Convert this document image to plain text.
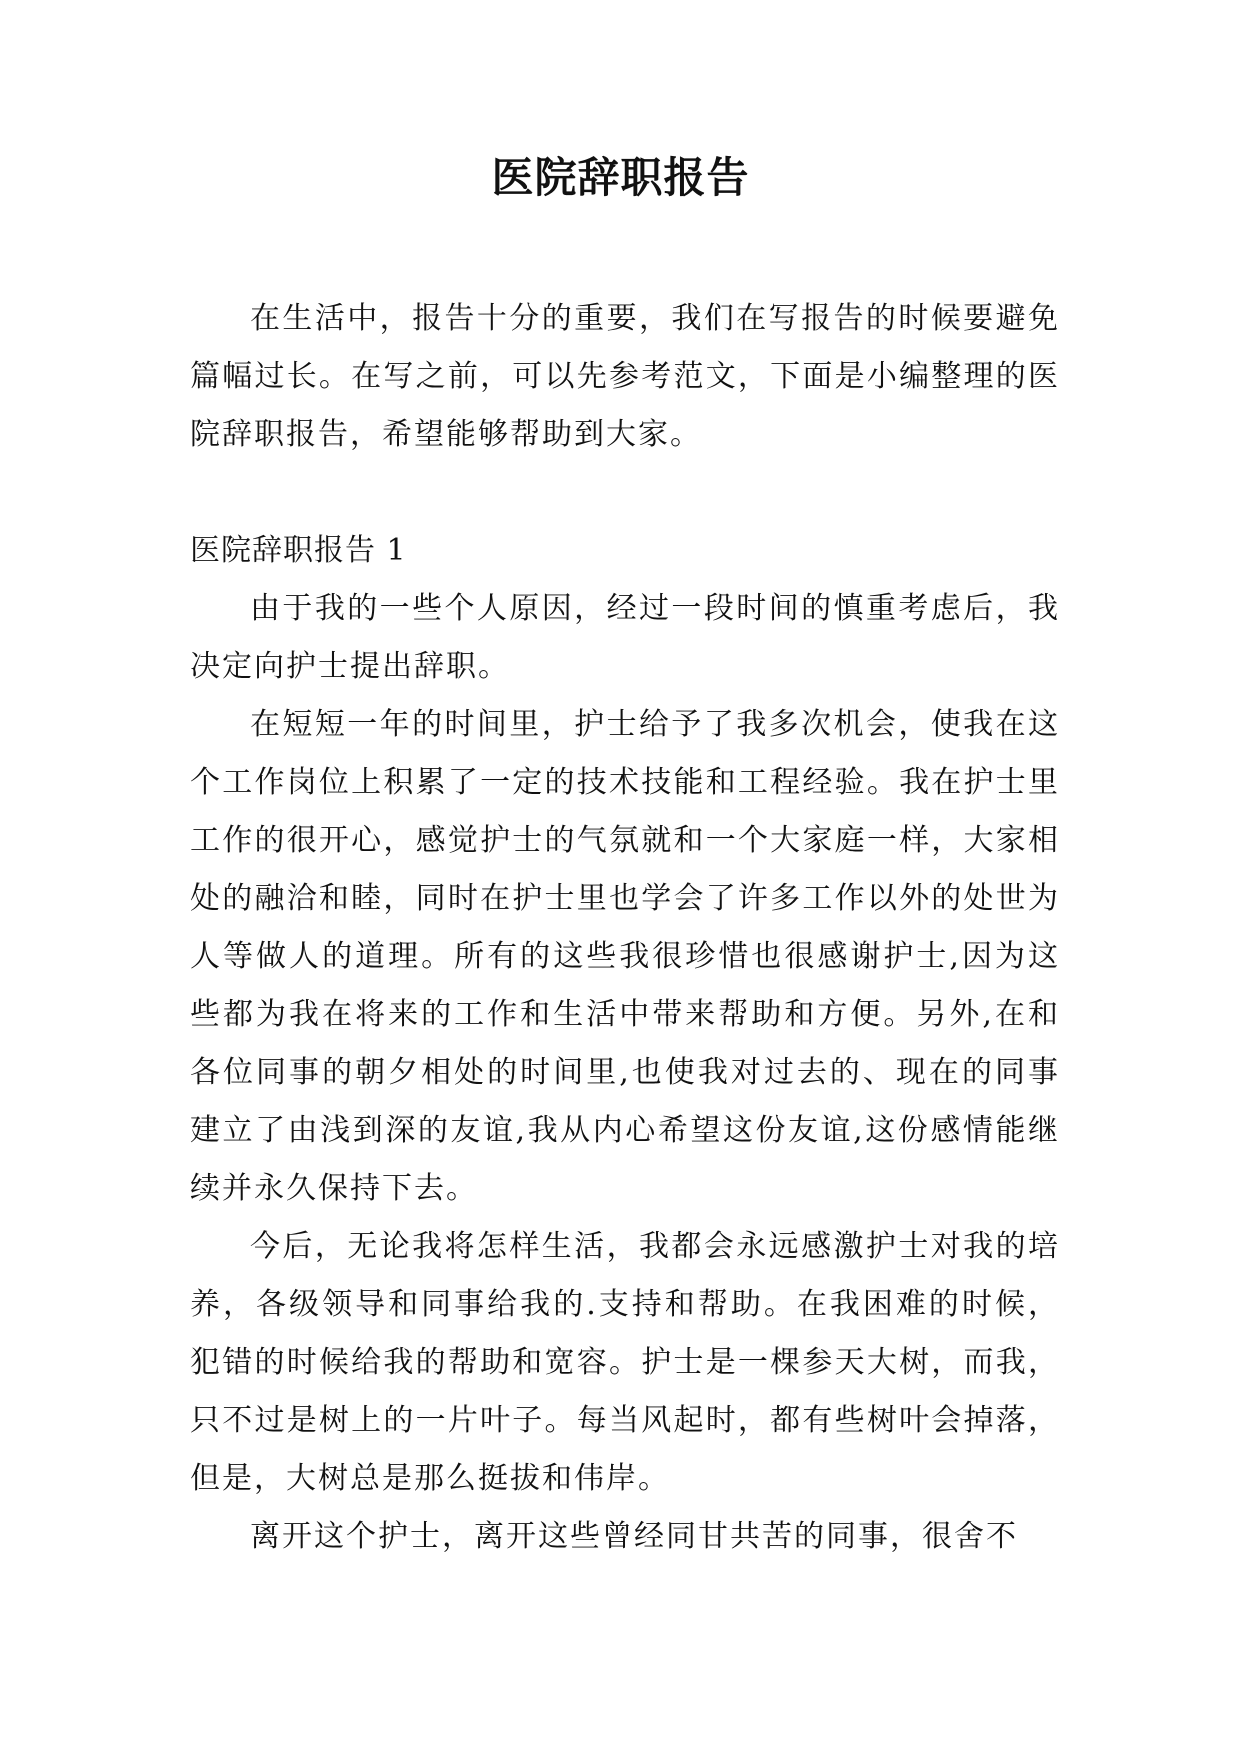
医院辞职报告

在生活中，报告十分的重要，我们在写报告的时候要避免篇幅过长。在写之前，可以先参考范文，下面是小编整理的医院辞职报告，希望能够帮助到大家。

医院辞职报告 1

由于我的一些个人原因，经过一段时间的慎重考虑后，我决定向护士提出辞职。

在短短一年的时间里，护士给予了我多次机会，使我在这个工作岗位上积累了一定的技术技能和工程经验。我在护士里工作的很开心，感觉护士的气氛就和一个大家庭一样，大家相处的融洽和睦，同时在护士里也学会了许多工作以外的处世为人等做人的道理。所有的这些我很珍惜也很感谢护士,因为这些都为我在将来的工作和生活中带来帮助和方便。另外,在和各位同事的朝夕相处的时间里,也使我对过去的、现在的同事建立了由浅到深的友谊,我从内心希望这份友谊,这份感情能继续并永久保持下去。

今后，无论我将怎样生活，我都会永远感激护士对我的培养，各级领导和同事给我的.支持和帮助。在我困难的时候，犯错的时候给我的帮助和宽容。护士是一棵参天大树，而我，只不过是树上的一片叶子。每当风起时，都有些树叶会掉落，但是，大树总是那么挺拔和伟岸。

离开这个护士，离开这些曾经同甘共苦的同事，很舍不
